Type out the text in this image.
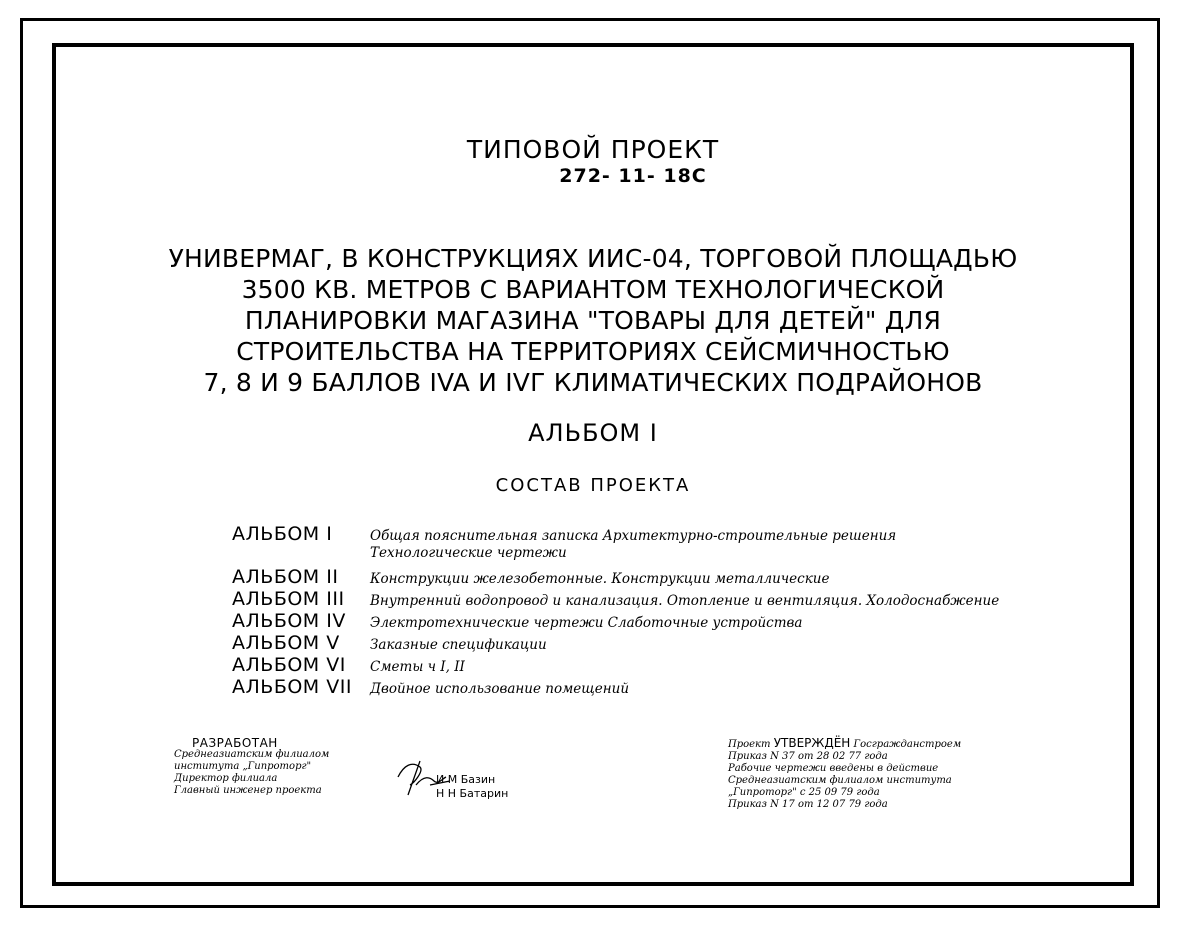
ТИПОВОЙ ПРОЕКТ
272- 11- 18С
УНИВЕРМАГ, В КОНСТРУКЦИЯХ ИИС-04, ТОРГОВОЙ ПЛОЩАДЬЮ
3500 КВ. МЕТРОВ С ВАРИАНТОМ ТЕХНОЛОГИЧЕСКОЙ
ПЛАНИРОВКИ МАГАЗИНА "ТОВАРЫ ДЛЯ ДЕТЕЙ" ДЛЯ
СТРОИТЕЛЬСТВА НА ТЕРРИТОРИЯХ СЕЙСМИЧНОСТЬЮ
7, 8 И 9 БАЛЛОВ IVA И IVГ КЛИМАТИЧЕСКИХ ПОДРАЙОНОВ
АЛЬБОМ I
СОСТАВ ПРОЕКТА
АЛЬБОМ I	Общая пояснительная записка Архитектурно-строительные решения
Технологические чертежи
АЛЬБОМ II	Конструкции железобетонные. Конструкции металлические
АЛЬБОМ III	Внутренний водопровод и канализация. Отопление и вентиляция. Холодоснабжение
АЛЬБОМ IV	Электротехнические чертежи Слаботочные устройства
АЛЬБОМ V	Заказные спецификации
АЛЬБОМ VI	Сметы ч I, II
АЛЬБОМ VII	Двойное использование помещений
РАЗРАБОТАН
Среднеазиатским филиалом
института „Гипроторг"
Директор филиала
Главный инженер проекта
И М Базин
Н Н Батарин
Проект УТВЕРЖДЁН Госгражданстроем
Приказ N 37 от 28 02 77 года
Рабочие чертежи введены в действие
Среднеазиатским филиалом института
„Гипроторг" с 25 09 79 года
Приказ N 17 от 12 07 79 года
